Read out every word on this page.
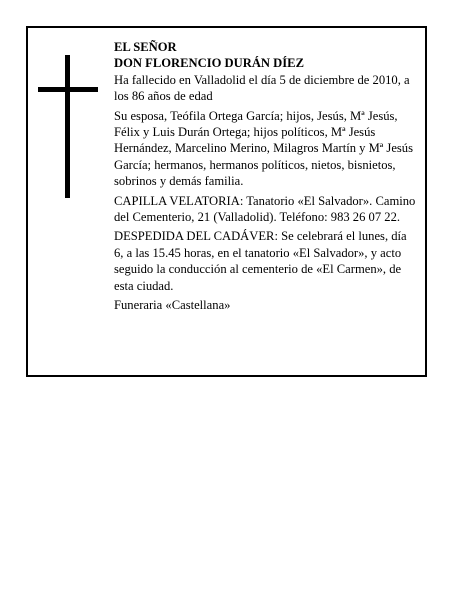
EL SEÑOR

DON FLORENCIO DURÁN DÍEZ

Ha fallecido en Valladolid el día 5 de diciembre de 2010, a los 86 años de edad

Su esposa, Teófila Ortega García; hijos, Jesús, Mª Jesús, Félix y Luis Durán Ortega; hijos políticos, Mª Jesús Hernández, Marcelino Merino, Milagros Martín y Mª Jesús García; hermanos, hermanos políticos, nietos, bisnietos, sobrinos y demás familia.

CAPILLA VELATORIA: Tanatorio «El Salvador». Camino del Cementerio, 21 (Valladolid). Teléfono: 983 26 07 22.

DESPEDIDA DEL CADÁVER: Se celebrará el lunes, día 6, a las 15.45 horas, en el tanatorio «El Salvador», y acto seguido la conducción al cementerio de «El Carmen», de esta ciudad.

Funeraria «Castellana»
